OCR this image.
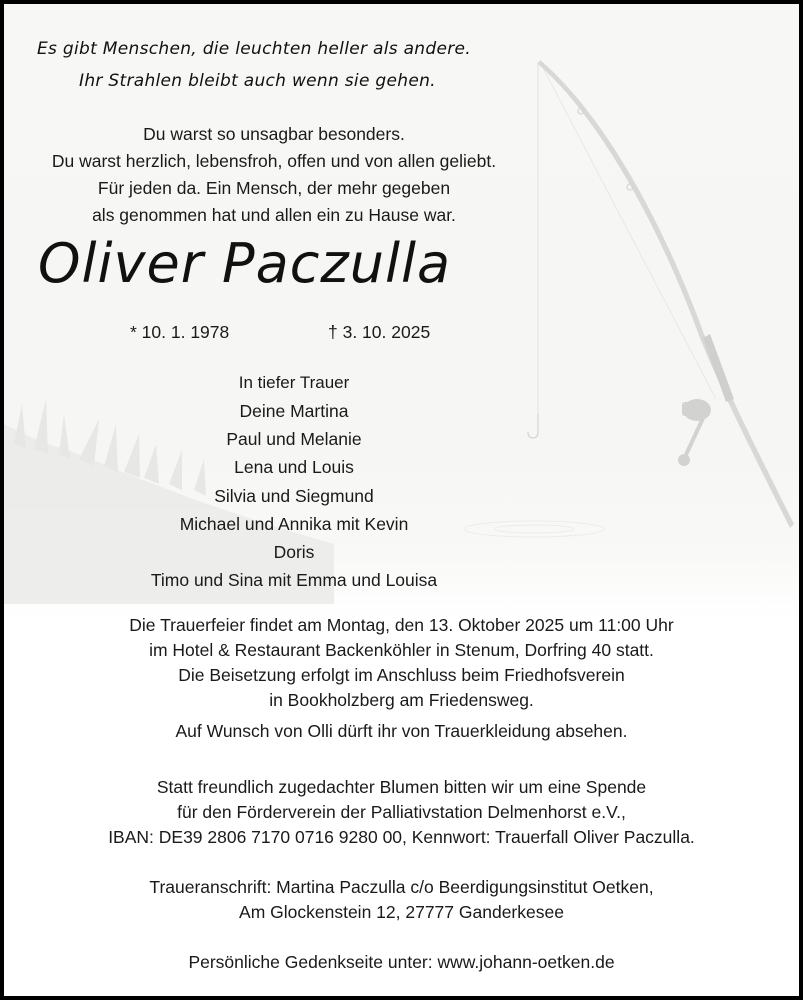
Es gibt Menschen, die leuchten heller als andere.
Ihr Strahlen bleibt auch wenn sie gehen.
Du warst so unsagbar besonders.
Du warst herzlich, lebensfroh, offen und von allen geliebt.
Für jeden da. Ein Mensch, der mehr gegeben
als genommen hat und allen ein zu Hause war.
Oliver Paczulla
* 10. 1. 1978	† 3. 10. 2025
In tiefer Trauer
Deine Martina
Paul und Melanie
Lena und Louis
Silvia und Siegmund
Michael und Annika mit Kevin
Doris
Timo und Sina mit Emma und Louisa
Die Trauerfeier findet am Montag, den 13. Oktober 2025 um 11:00 Uhr
im Hotel & Restaurant Backenköhler in Stenum, Dorfring 40 statt.
Die Beisetzung erfolgt im Anschluss beim Friedhofsverein
in Bookholzberg am Friedensweg.
Auf Wunsch von Olli dürft ihr von Trauerkleidung absehen.
Statt freundlich zugedachter Blumen bitten wir um eine Spende
für den Förderverein der Palliativstation Delmenhorst e.V.,
IBAN: DE39 2806 7170 0716 9280 00, Kennwort: Trauerfall Oliver Paczulla.
Traueranschrift: Martina Paczulla c/o Beerdigungsinstitut Oetken,
Am Glockenstein 12, 27777 Ganderkesee
Persönliche Gedenkseite unter: www.johann-oetken.de
